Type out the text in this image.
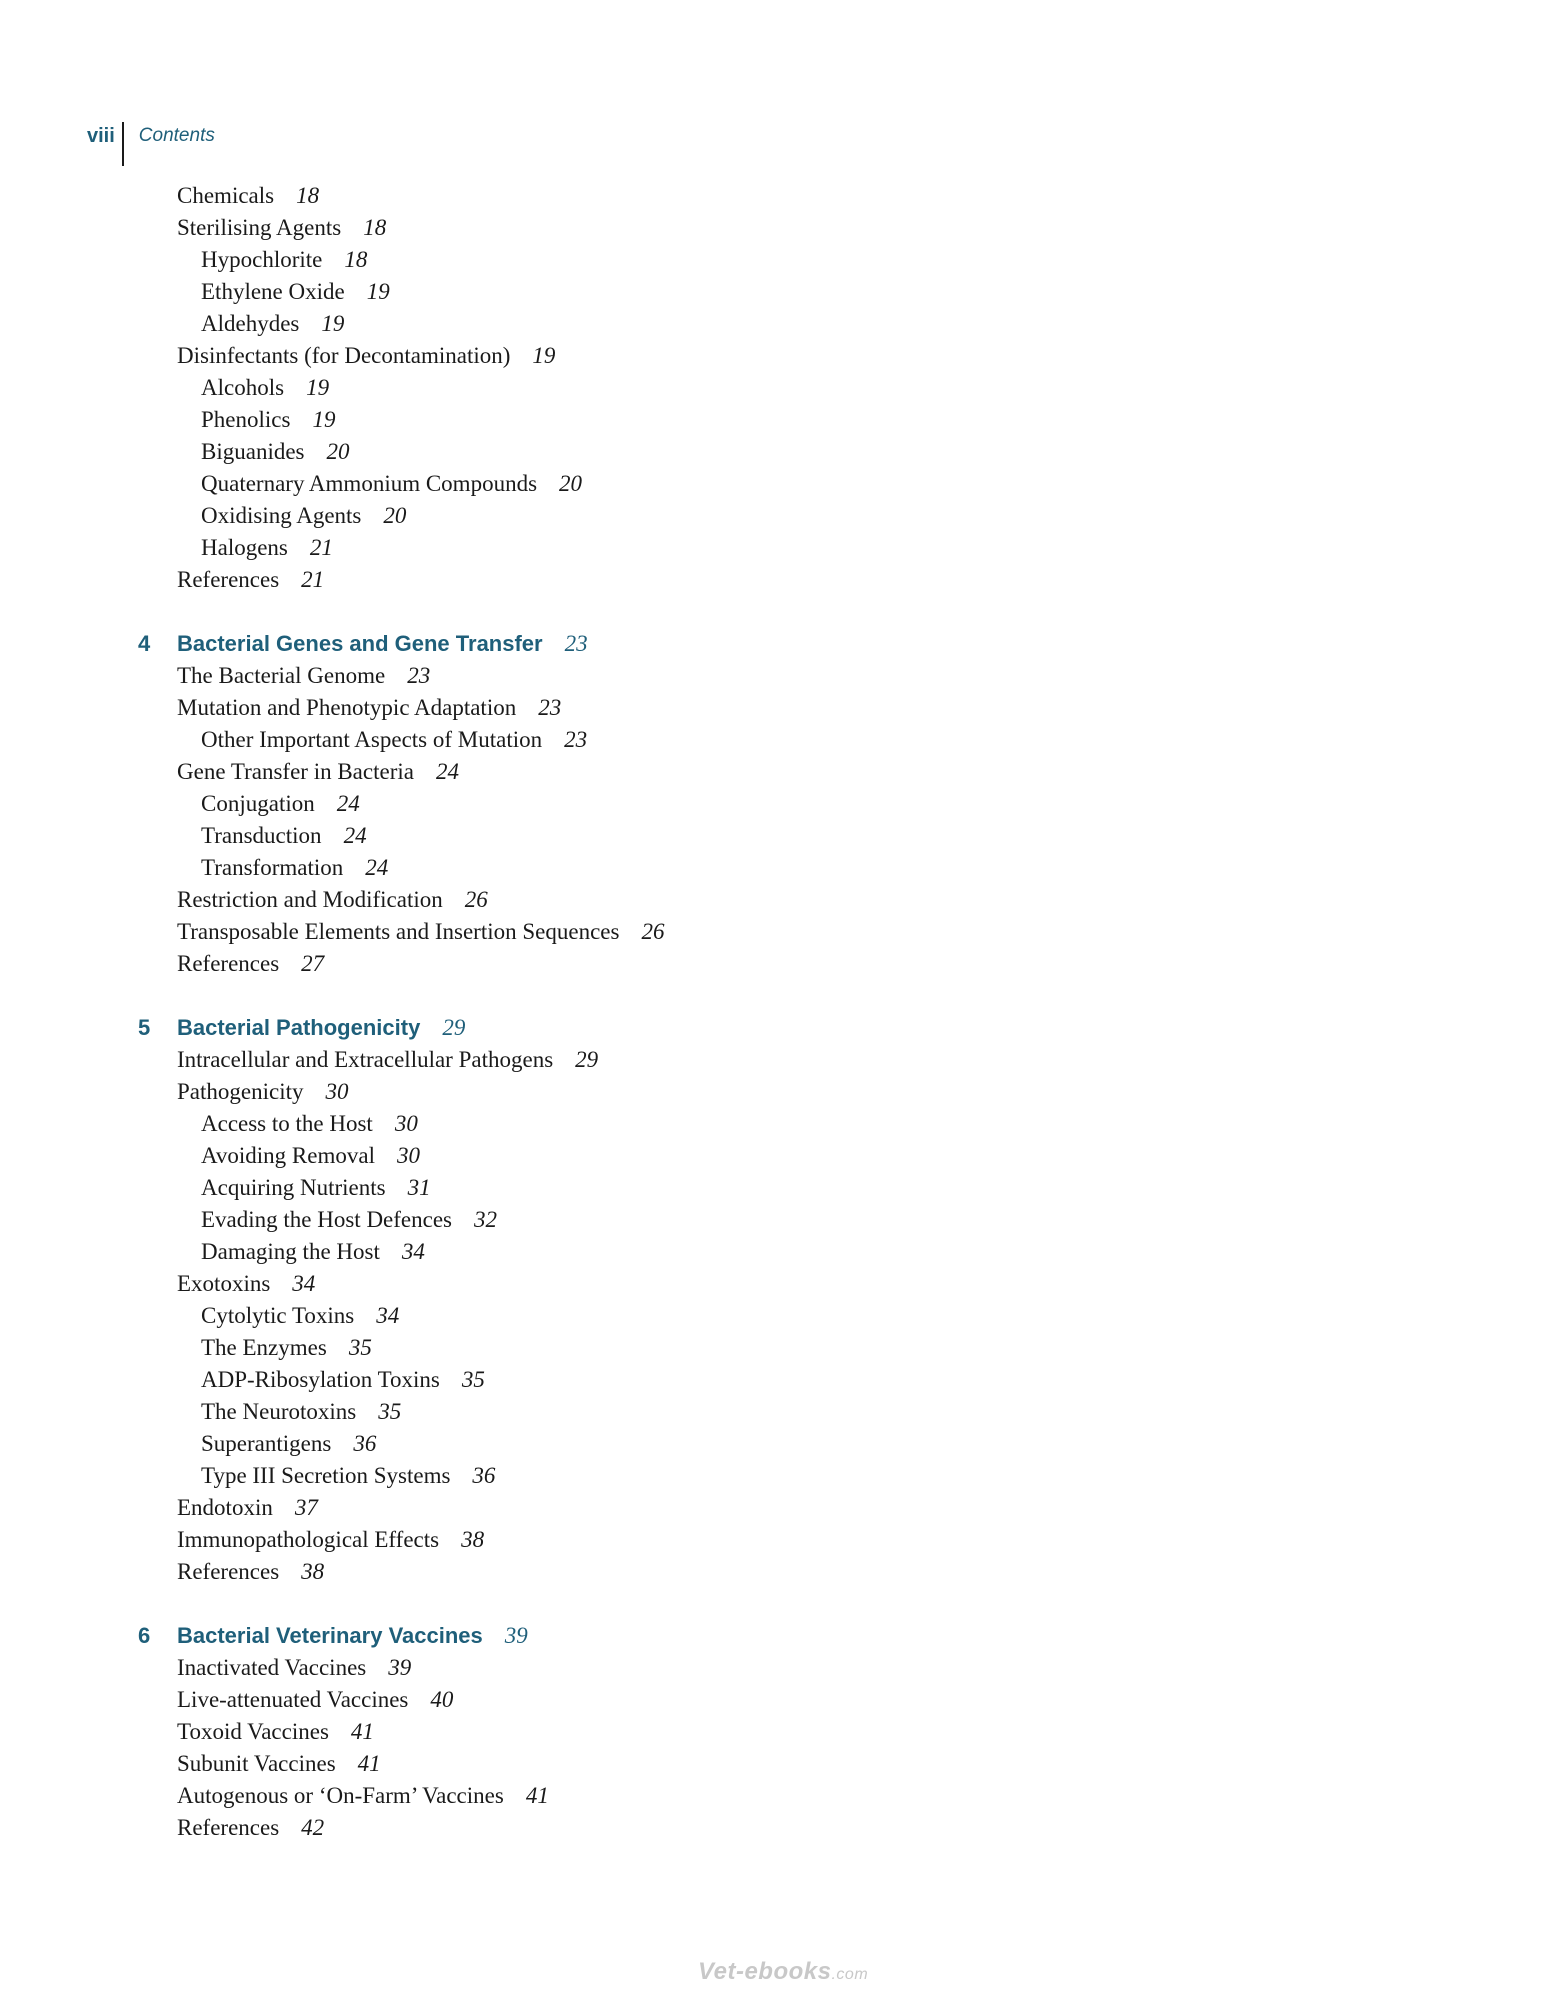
viii	Contents
Chemicals 18
Sterilising Agents 18
Hypochlorite 18
Ethylene Oxide 19
Aldehydes 19
Disinfectants (for Decontamination) 19
Alcohols 19
Phenolics 19
Biguanides 20
Quaternary Ammonium Compounds 20
Oxidising Agents 20
Halogens 21
References 21
4 Bacterial Genes and Gene Transfer 23
The Bacterial Genome 23
Mutation and Phenotypic Adaptation 23
Other Important Aspects of Mutation 23
Gene Transfer in Bacteria 24
Conjugation 24
Transduction 24
Transformation 24
Restriction and Modification 26
Transposable Elements and Insertion Sequences 26
References 27
5 Bacterial Pathogenicity 29
Intracellular and Extracellular Pathogens 29
Pathogenicity 30
Access to the Host 30
Avoiding Removal 30
Acquiring Nutrients 31
Evading the Host Defences 32
Damaging the Host 34
Exotoxins 34
Cytolytic Toxins 34
The Enzymes 35
ADP-Ribosylation Toxins 35
The Neurotoxins 35
Superantigens 36
Type III Secretion Systems 36
Endotoxin 37
Immunopathological Effects 38
References 38
6 Bacterial Veterinary Vaccines 39
Inactivated Vaccines 39
Live-attenuated Vaccines 40
Toxoid Vaccines 41
Subunit Vaccines 41
Autogenous or ‘On-Farm’ Vaccines 41
References 42
Vet-ebooks.com
